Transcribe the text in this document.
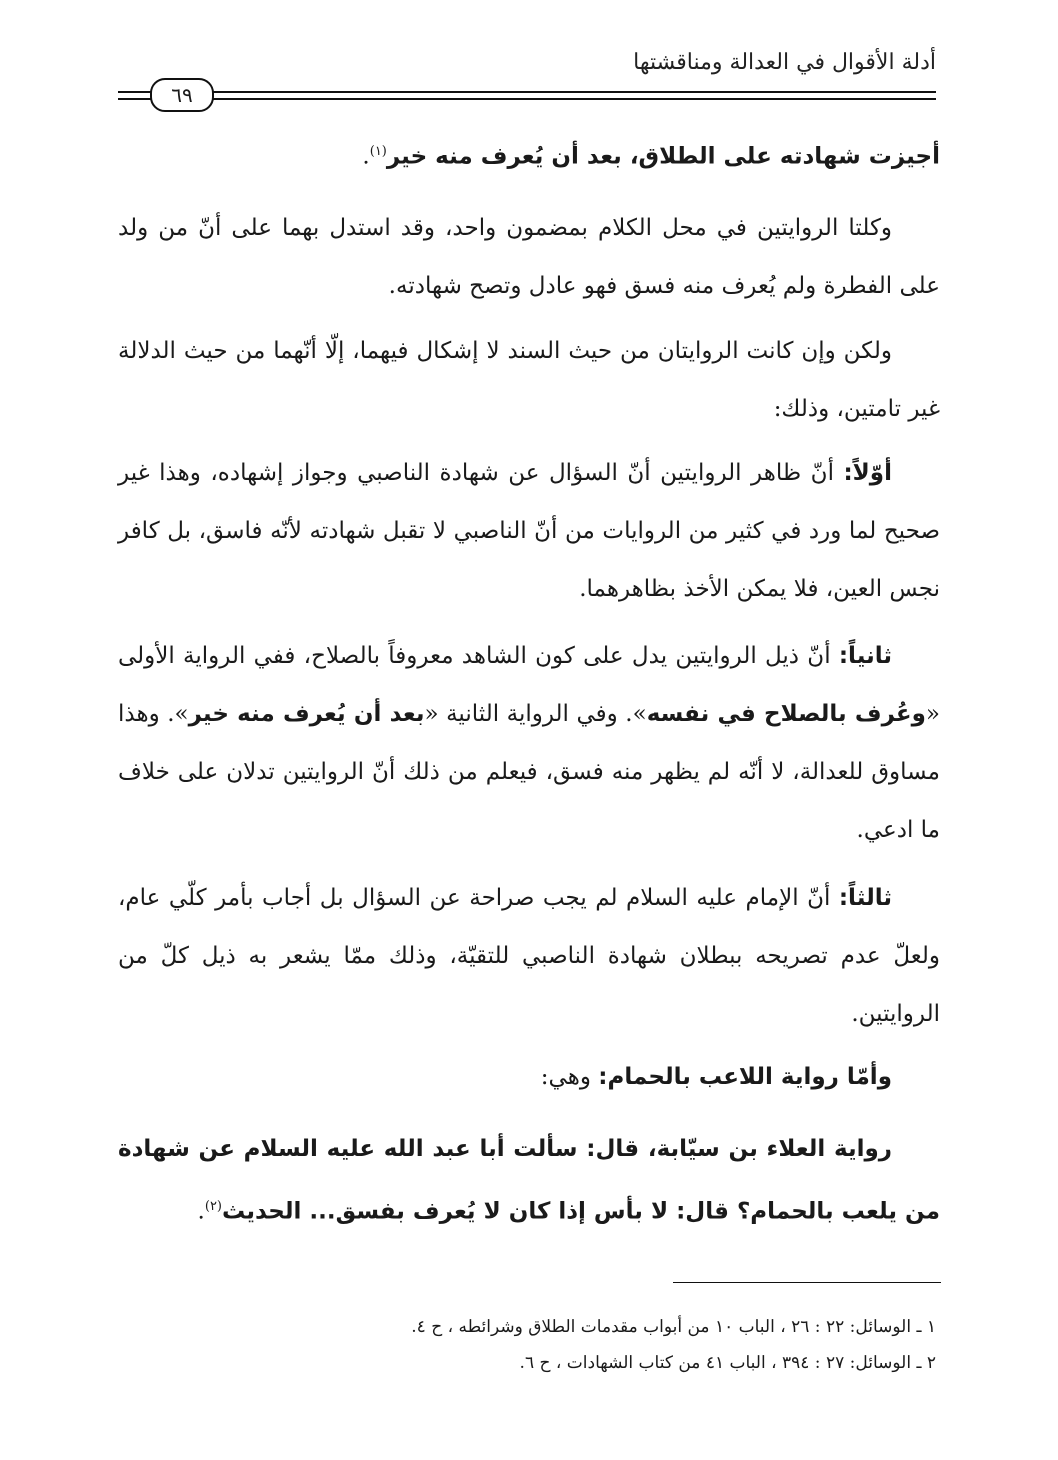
أدلة الأقوال في العدالة ومناقشتها
٦٩
أجيزت شهادته على الطلاق، بعد أن يُعرف منه خير$^{(١)}$.
وكلتا الروايتين في محل الكلام بمضمون واحد، وقد استدل بهما على أنّ من ولد على الفطرة ولم يُعرف منه فسق فهو عادل وتصح شهادته.
ولكن وإن كانت الروايتان من حيث السند لا إشكال فيهما، إلّا أنّهما من حيث الدلالة غير تامتين، وذلك:
أوّلاً: أنّ ظاهر الروايتين أنّ السؤال عن شهادة الناصبي وجواز إشهاده، وهذا غير صحيح لما ورد في كثير من الروايات من أنّ الناصبي لا تقبل شهادته لأنّه فاسق، بل كافر نجس العين، فلا يمكن الأخذ بظاهرهما.
ثانياً: أنّ ذيل الروايتين يدل على كون الشاهد معروفاً بالصلاح، ففي الرواية الأولى «وعُرف بالصلاح في نفسه». وفي الرواية الثانية «بعد أن يُعرف منه خير». وهذا مساوق للعدالة، لا أنّه لم يظهر منه فسق، فيعلم من ذلك أنّ الروايتين تدلان على خلاف ما ادعي.
ثالثاً: أنّ الإمام عليه السلام لم يجب صراحة عن السؤال بل أجاب بأمر كلّي عام، ولعلّ عدم تصريحه ببطلان شهادة الناصبي للتقيّة، وذلك ممّا يشعر به ذيل كلّ من الروايتين.
وأمّا رواية اللاعب بالحمام: وهي:
رواية العلاء بن سيّابة، قال: سألت أبا عبد الله عليه السلام عن شهادة من يلعب بالحمام؟ قال: لا بأس إذا كان لا يُعرف بفسق... الحديث$^{(٢)}$.
١ ـ الوسائل: ٢٢ : ٢٦ ، الباب ١٠ من أبواب مقدمات الطلاق وشرائطه ، ح ٤.
٢ ـ الوسائل: ٢٧ : ٣٩٤ ، الباب ٤١ من كتاب الشهادات ، ح ٦.
